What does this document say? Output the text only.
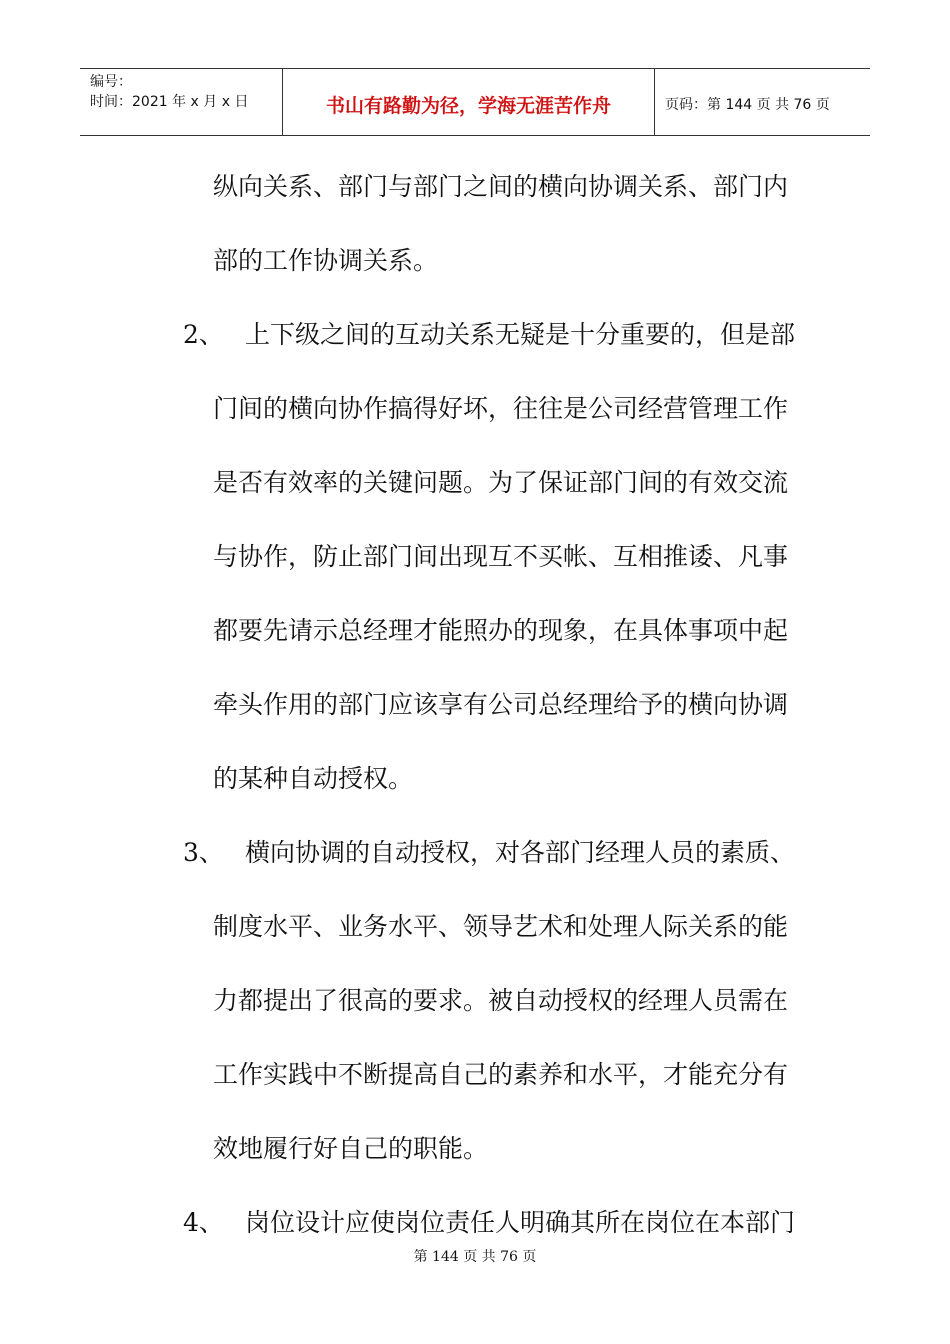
编号：
时间：2021 年 x 月 x 日	书山有路勤为径，学海无涯苦作舟	页码：第 144 页 共 76 页
纵向关系、部门与部门之间的横向协调关系、部门内
部的工作协调关系。
2、 上下级之间的互动关系无疑是十分重要的，但是部
门间的横向协作搞得好坏，往往是公司经营管理工作
是否有效率的关键问题。为了保证部门间的有效交流
与协作，防止部门间出现互不买帐、互相推诿、凡事
都要先请示总经理才能照办的现象，在具体事项中起
牵头作用的部门应该享有公司总经理给予的横向协调
的某种自动授权。
3、 横向协调的自动授权，对各部门经理人员的素质、
制度水平、业务水平、领导艺术和处理人际关系的能
力都提出了很高的要求。被自动授权的经理人员需在
工作实践中不断提高自己的素养和水平，才能充分有
效地履行好自己的职能。
4、 岗位设计应使岗位责任人明确其所在岗位在本部门
第 144 页 共 76 页
